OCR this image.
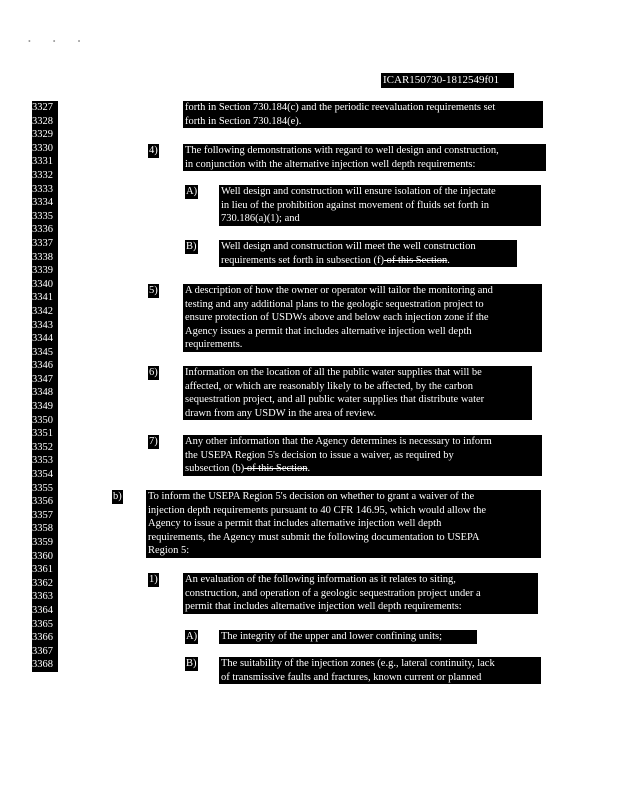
• • •
ICAR150730-1812549f01
3327
3328
3329
3330
3331
3332
3333
3334
3335
3336
3337
3338
3339
3340
3341
3342
3343
3344
3345
3346
3347
3348
3349
3350
3351
3352
3353
3354
3355
3356
3357
3358
3359
3360
3361
3362
3363
3364
3365
3366
3367
3368
4)
A)
B)
5)
6)
7)
b)
1)
A)
B)
forth in Section 730.184(c) and the periodic reevaluation requirements set
forth in Section 730.184(e).
The following demonstrations with regard to well design and construction,
in conjunction with the alternative injection well depth requirements:
Well design and construction will ensure isolation of the injectate
in lieu of the prohibition against movement of fluids set forth in
730.186(a)(1); and
Well design and construction will meet the well construction
requirements set forth in subsection (f) of this Section.
A description of how the owner or operator will tailor the monitoring and
testing and any additional plans to the geologic sequestration project to
ensure protection of USDWs above and below each injection zone if the
Agency issues a permit that includes alternative injection well depth
requirements.
Information on the location of all the public water supplies that will be
affected, or which are reasonably likely to be affected, by the carbon
sequestration project, and all public water supplies that distribute water
drawn from any USDW in the area of review.
Any other information that the Agency determines is necessary to inform
the USEPA Region 5's decision to issue a waiver, as required by
subsection (b) of this Section.
To inform the USEPA Region 5's decision on whether to grant a waiver of the
injection depth requirements pursuant to 40 CFR 146.95, which would allow the
Agency to issue a permit that includes alternative injection well depth
requirements, the Agency must submit the following documentation to USEPA
Region 5:
An evaluation of the following information as it relates to siting,
construction, and operation of a geologic sequestration project under a
permit that includes alternative injection well depth requirements:
The integrity of the upper and lower confining units;
The suitability of the injection zones (e.g., lateral continuity, lack
of transmissive faults and fractures, known current or planned
